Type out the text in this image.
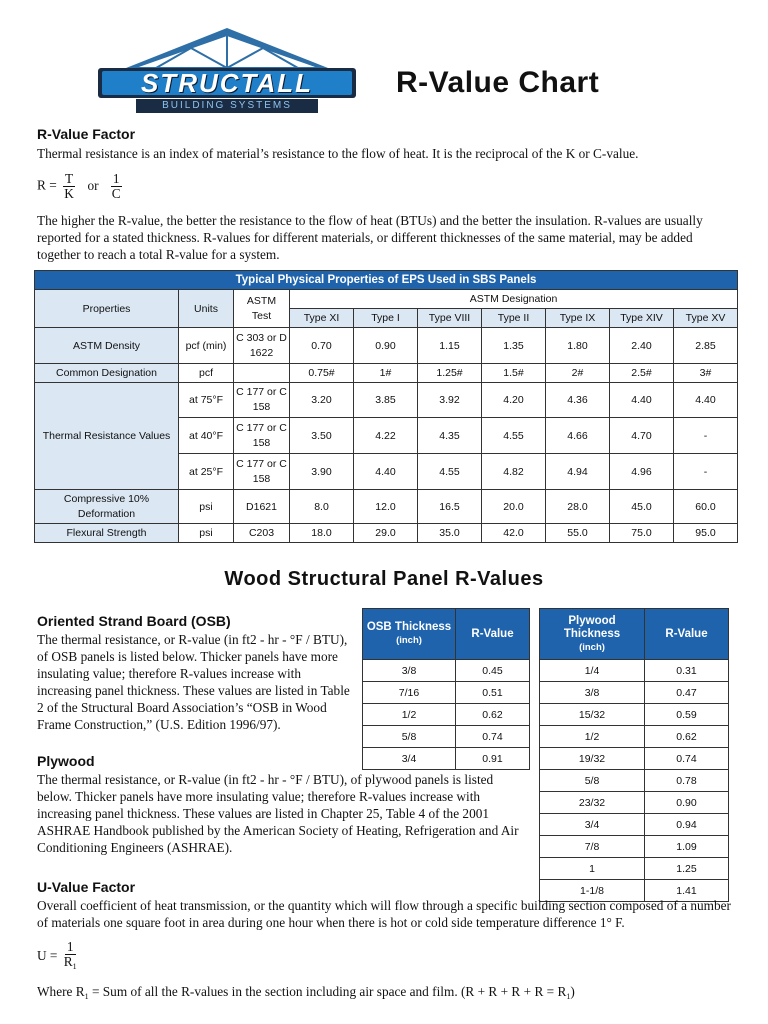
STRUCTALL
BUILDING SYSTEMS
R-Value Chart
R-Value Factor

Thermal resistance is an index of material’s resistance to the flow of heat. It is the reciprocal of the K or C-value.

$R = \frac{T}{K}$ or $\frac{1}{C}$

The higher the R-value, the better the resistance to the flow of heat (BTUs) and the better the insulation. R-values are usually reported for a stated thickness. R-values for different materials, or different thicknesses of the same material, may be added together to reach a total R-value for a system.

Typical Physical Properties of EPS Used in SBS Panels									
Properties	Units	ASTM Test	ASTM Designation						
			Type XI	Type I	Type VIII	Type II	Type IX	Type XIV	Type XV
ASTM Density	pcf (min)	C 303 or D 1622	0.70	0.90	1.15	1.35	1.80	2.40	2.85
Common Designation	pcf		0.75#	1#	1.25#	1.5#	2#	2.5#	3#
Thermal Resistance Values	at 75°F	C 177 or C 158	3.20	3.85	3.92	4.20	4.36	4.40	4.40
	at 40°F	C 177 or C 158	3.50	4.22	4.35	4.55	4.66	4.70	-
	at 25°F	C 177 or C 158	3.90	4.40	4.55	4.82	4.94	4.96	-
Compressive 10% Deformation	psi	D1621	8.0	12.0	16.5	20.0	28.0	45.0	60.0
Flexural Strength	psi	C203	18.0	29.0	35.0	42.0	55.0	75.0	95.0
Wood Structural Panel R-Values
Oriented Strand Board (OSB)

The thermal resistance, or R-value (in ft2 - hr - °F / BTU), of OSB panels is listed below. Thicker panels have more insulating value; therefore R-values increase with increasing panel thickness. These values are listed in Table 2 of the Structural Board Association’s “OSB in Wood Frame Construction,” (U.S. Edition 1996/97).

Plywood

The thermal resistance, or R-value (in ft2 - hr - °F / BTU), of plywood panels is listed below. Thicker panels have more insulating value; therefore R-values increase with increasing panel thickness. These values are listed in Chapter 25, Table 4 of the 2001 ASHRAE Handbook published by the American Society of Heating, Refrigeration and Air Conditioning Engineers (ASHRAE).

OSB Thickness
(inch)	R-Value
3/8	0.45
7/16	0.51
1/2	0.62
5/8	0.74
3/4	0.91
Plywood Thickness
(inch)	R-Value
1/4	0.31
3/8	0.47
15/32	0.59
1/2	0.62
19/32	0.74
5/8	0.78
23/32	0.90
3/4	0.94
7/8	1.09
1	1.25
1-1/8	1.41
U-Value Factor

Overall coefficient of heat transmission, or the quantity which will flow through a specific building section composed of a number of materials one square foot in area during one hour when there is hot or cold side temperature difference 1° F.

$U = \frac{1}{R_1}$

Where $R_1$ = Sum of all the R-values in the section including air space and film. $(R + R + R + R = R_1)$
